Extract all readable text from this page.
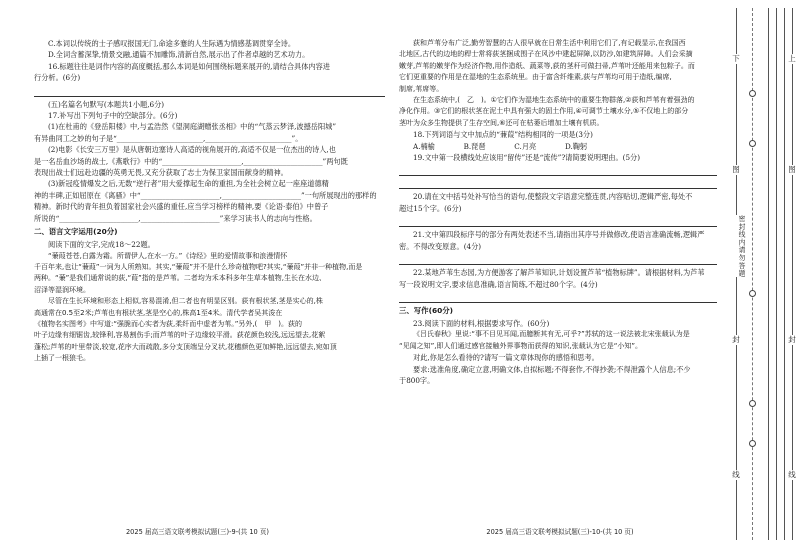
C.本词以传统的士子感叹报国无门,命途多蹇的人生际遇为情感基调贯穿全诗。

D.全词含蓄深挚,情景交融,通篇不加雕饰,清新自然,展示出了作者卓越的艺术功力。

16.标题往往是词作内容的高度概括,那么本词是如何围绕标题来展开的,请结合具体内容进

行分析。(6分)

(五)名篇名句默写(本题共1小题,6分)

17.补写出下列句子中的空缺部分。(6分)

(1)在杜甫的《登岳阳楼》中,与孟浩然《望洞庭湖赠张丞相》中的“气蒸云梦泽,波撼岳阳城”

有异曲同工之妙的句子是“________________________,________________________”。

(2)电影《长安三万里》是从唐朝边塞诗人高适的视角展开的,高适不仅是一位杰出的诗人,也

是一名岳血沙场的战士,《燕歌行》中的“______________________,______________________”两句既

表现出战士们远赴边疆的英勇无畏,又充分获取了志士为保卫家国而献身的精神。

(3)新冠疫情爆发之后,无数“逆行者”用大爱撑起生命的重担,为全社会树立起一座座道德精

神的丰碑,正如屈原在《离骚》中“______________________,______________________”一句所展现出的那样的

精神。新时代的青年担负着国家社会兴盛的重任,应当学习榜样的精神,要《论语·泰伯》中曾子

所说的“______________________,______________________”来学习读书人的志向与性格。

二、语言文字运用(20分)

阅读下面的文字,完成18～22题。

“蒹葭苍苍,白露为霜。所谓伊人,在水一方。”《诗经》里的爱情故事和浪漫情怀

千百年来,也让“蒹葭”一词为人所熟知。其实,“蒹葭”并不是什么珍奇植物吧?其实,“蒹葭”并非一种植物,而是

两种。“蒹”是我们通常说的荻,“葭”指的是芦苇。二者均为禾本科多年生草本植物,生长在水边、

沼泽等湿润环境。

尽管在生长环境和形态上相似,容易混淆,但二者也有明显区别。荻有根状茎,茎是实心的,株

高通常在0.5至2米;芦苇也有根状茎,茎是空心的,株高1至4米。清代学者吴其浚在

《植物名实图考》中写道:“强脆而心实者为荻,柔纤而中虚者为苇。”另外,(　甲　)。荻的

叶子边缘有细锯齿,较锋利,容易割伤手;而芦苇的叶子边缘较平滑。荻花颜色较浅,远远望去,花絮

蓬松;芦苇的叶里带淡,较宽,花序大而疏散,多分支顶端呈分叉状,花穗颜色更加鲜艳,远远望去,宛如顶

上插了一根狼毛。

2025 届高三语文联考模拟试题(三)-9-(共 10 页)

荻和芦苇分布广泛,勤劳智慧的古人很早就在日常生活中利用它们了,有记载显示,在我国西

北地区,古代的边地的稈士常将荻茎捆成围子在风沙中建起屏障,以防沙,如建筑屏障。人们会采摘

嫩芽,芦苇的嫩芽作为经济作物,用作造纸、蔬菜等,荻的茎秆可做扫帚,芦苇叶还能用来包粽子。而

它们更重要的作用是在湿地的生态系统里。由于富含纤维素,荻与芦苇均可用于造纸,编席,

制席,苇席等。

在生态系统中,(　乙　)。①它们作为湿地生态系统中的重要生物群落,②荻和芦苇有着强劲的

净化作用。③它们的根状茎在泥土中具有强大的固土作用,④可调节土壤水分,⑤不仅地上的部分

茎叶为众多生物提供了生存空间,⑥还可在枯萎后增加土壤有机质。

18.下列词语与文中加点的“蒹葭”结构相同的一项是(3分)

A.楠榆　　　　B.琵琶　　　　C.月亮　　　　D.鞠躬

19.文中第一段横线处应该用“留传”还是“流传”?请简要说明理由。(5分)

20.请在文中括号处补写恰当的语句,使整段文字语意完整连贯,内容贴切,逻辑严密,每处不

超过15个字。(6分)

21.文中第四段标序号的部分有两处表述不当,请指出其序号并做修改,使语言准确流畅,逻辑严

密。不得改变原意。(4分)

22.某地芦苇生态园,为方便游客了解芦苇知识,计划设置芦苇“植物标牌”。请根据材料,为芦苇

写一段说明文字,要求信息准确,语言简练,不超过80个字。(4分)

三、写作(60分)

23.阅读下面的材料,根据要求写作。(60分)

《吕氏春秋》里说:“事不目见耳闻,而臆断其有无,可乎?”苏轼的这一说法被北宋张载认为是

“见闻之知”,即人们通过感官接触外界事物而获得的知识,张载认为它是“小知”。

对此,你是怎么看待的?请写一篇文章体现你的感悟和思考。

要求:选准角度,确定立意,明确文体,自拟标题;不得套作,不得抄袭;不得泄露个人信息;不少

于800字。

2025 届高三语文联考模拟试题(三)-10-(共 10 页)
下	上
图	图
封	封
线	线
密封线内请勿答题
